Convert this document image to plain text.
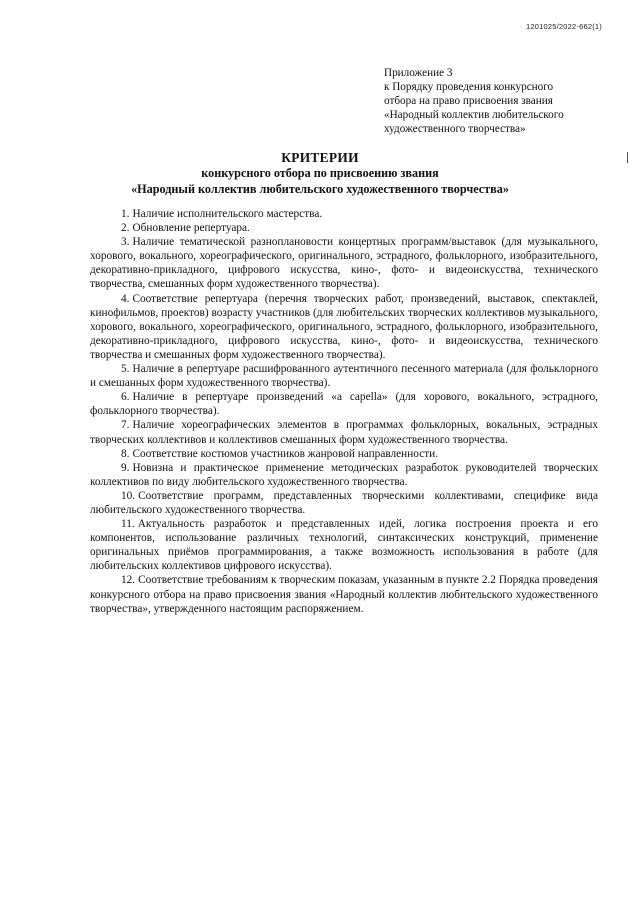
1201025/2022-662(1)
Приложение 3
к Порядку проведения конкурсного
отбора на право присвоения звания
«Народный коллектив любительского
художественного творчества»
КРИТЕРИИ
конкурсного отбора по присвоению звания
«Народный коллектив любительского художественного творчества»

1. Наличие исполнительского мастерства.

2. Обновление репертуара.

3. Наличие тематической разноплановости концертных программ/выставок (для музыкального, хорового, вокального, хореографического, оригинального, эстрадного, фольклорного, изобразительного, декоративно-прикладного, цифрового искусства, кино-, фото- и видеоискусства, технического творчества, смешанных форм художественного творчества).

4. Соответствие репертуара (перечня творческих работ, произведений, выставок, спектаклей, кинофильмов, проектов) возрасту участников (для любительских творческих коллективов музыкального, хорового, вокального, хореографического, оригинального, эстрадного, фольклорного, изобразительного, декоративно-прикладного, цифрового искусства, кино-, фото- и видеоискусства, технического творчества и смешанных форм художественного творчества).

5. Наличие в репертуаре расшифрованного аутентичного песенного материала (для фольклорного и смешанных форм художественного творчества).

6. Наличие в репертуаре произведений «a capella» (для хорового, вокального, эстрадного, фольклорного творчества).

7. Наличие хореографических элементов в программах фольклорных, вокальных, эстрадных творческих коллективов и коллективов смешанных форм художественного творчества.

8. Соответствие костюмов участников жанровой направленности.

9. Новизна и практическое применение методических разработок руководителей творческих коллективов по виду любительского художественного творчества.

10. Соответствие программ, представленных творческими коллективами, специфике вида любительского художественного творчества.

11. Актуальность разработок и представленных идей, логика построения проекта и его компонентов, использование различных технологий, синтаксических конструкций, применение оригинальных приёмов программирования, а также возможность использования в работе (для любительских коллективов цифрового искусства).

12. Соответствие требованиям к творческим показам, указанным в пункте 2.2 Порядка проведения конкурсного отбора на право присвоения звания «Народный коллектив любительского художественного творчества», утвержденного настоящим распоряжением.
